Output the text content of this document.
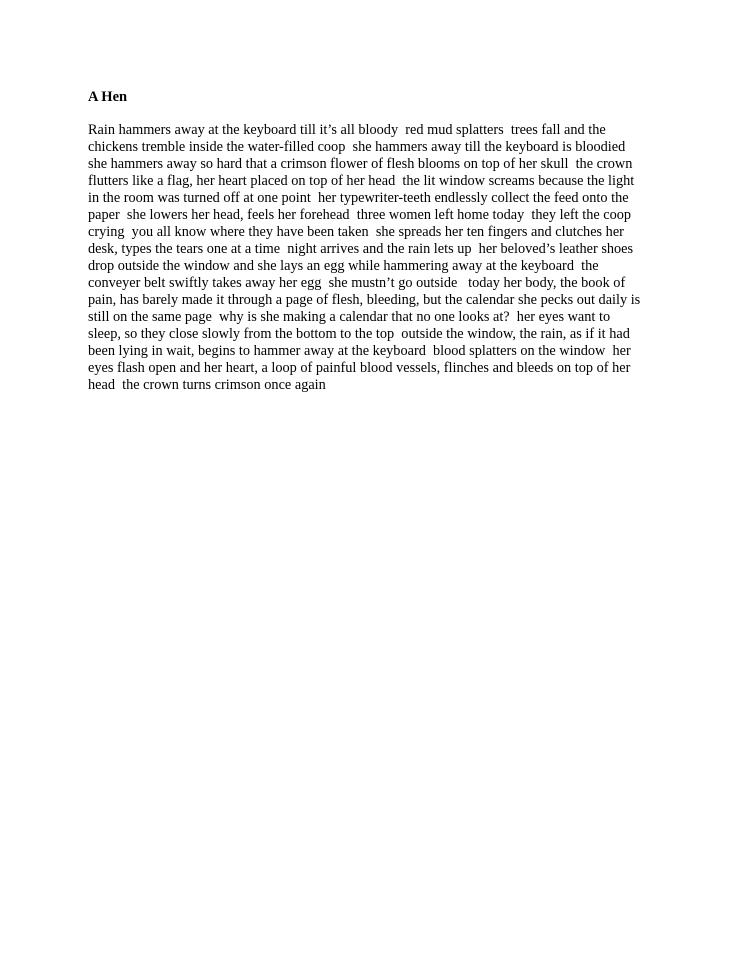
A Hen
Rain hammers away at the keyboard till it’s all bloody  red mud splatters  trees fall and the
chickens tremble inside the water-filled coop  she hammers away till the keyboard is bloodied
she hammers away so hard that a crimson flower of flesh blooms on top of her skull  the crown
flutters like a flag, her heart placed on top of her head  the lit window screams because the light
in the room was turned off at one point  her typewriter-teeth endlessly collect the feed onto the
paper  she lowers her head, feels her forehead  three women left home today  they left the coop
crying  you all know where they have been taken  she spreads her ten fingers and clutches her
desk, types the tears one at a time  night arrives and the rain lets up  her beloved’s leather shoes
drop outside the window and she lays an egg while hammering away at the keyboard  the
conveyer belt swiftly takes away her egg  she mustn’t go outside   today her body, the book of
pain, has barely made it through a page of flesh, bleeding, but the calendar she pecks out daily is
still on the same page  why is she making a calendar that no one looks at?  her eyes want to
sleep, so they close slowly from the bottom to the top  outside the window, the rain, as if it had
been lying in wait, begins to hammer away at the keyboard  blood splatters on the window  her
eyes flash open and her heart, a loop of painful blood vessels, flinches and bleeds on top of her
head  the crown turns crimson once again
